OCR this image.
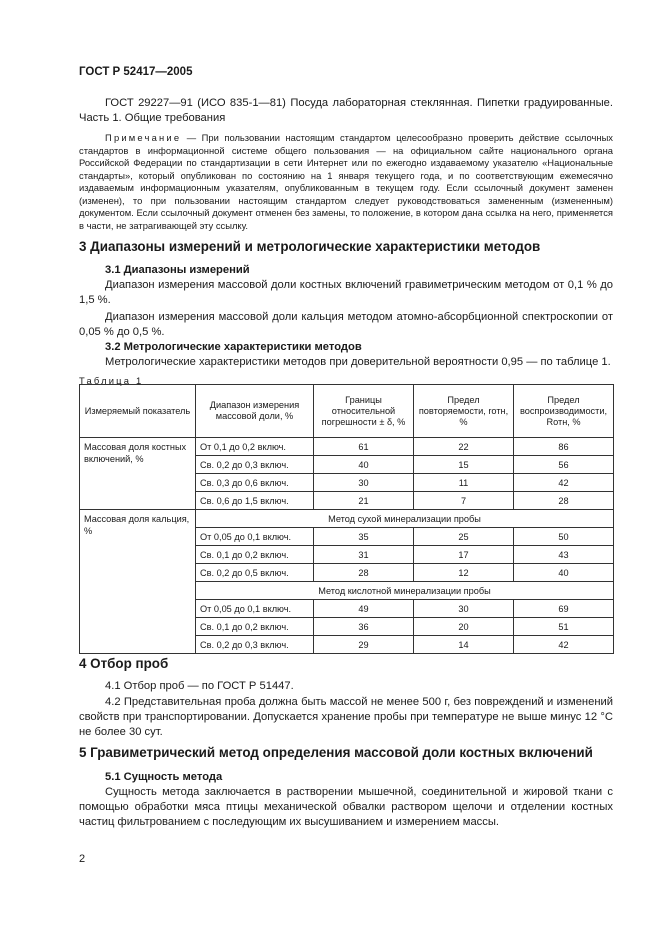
ГОСТ Р 52417—2005

ГОСТ 29227—91 (ИСО 835-1—81) Посуда лабораторная стеклянная. Пипетки градуированные. Часть 1. Общие требования

Примечание — При пользовании настоящим стандартом целесообразно проверить действие ссылочных стандартов в информационной системе общего пользования — на официальном сайте национального органа Российской Федерации по стандартизации в сети Интернет или по ежегодно издаваемому указателю «Национальные стандарты», который опубликован по состоянию на 1 января текущего года, и по соответствующим ежемесячно издаваемым информационным указателям, опубликованным в текущем году. Если ссылочный документ заменен (изменен), то при пользовании настоящим стандартом следует руководствоваться замененным (измененным) документом. Если ссылочный документ отменен без замены, то положение, в котором дана ссылка на него, применяется в части, не затрагивающей эту ссылку.

3 Диапазоны измерений и метрологические характеристики методов

3.1 Диапазоны измерений

Диапазон измерения массовой доли костных включений гравиметрическим методом от 0,1 % до 1,5 %.

Диапазон измерения массовой доли кальция методом атомно-абсорбционной спектроскопии от 0,05 % до 0,5 %.

3.2 Метрологические характеристики методов

Метрологические характеристики методов при доверительной вероятности 0,95 — по таблице 1.

Таблица 1
Измеряемый показатель	Диапазон измерения массовой доли, %	Границы относительной погрешности ± δ, %	Предел повторяемости, rотн, %	Предел воспроизводимости, Rотн, %
Массовая доля костных включений, %	От 0,1 до 0,2 включ.	61	22	86
	Св. 0,2 до 0,3 включ.	40	15	56
	Св. 0,3 до 0,6 включ.	30	11	42
	Св. 0,6 до 1,5 включ.	21	7	28
Массовая доля кальция, %	Метод сухой минерализации пробы			
	От 0,05 до 0,1 включ.	35	25	50
	Св. 0,1 до 0,2 включ.	31	17	43
	Св. 0,2 до 0,5 включ.	28	12	40
	Метод кислотной минерализации пробы			
	От 0,05 до 0,1 включ.	49	30	69
	Св. 0,1 до 0,2 включ.	36	20	51
	Св. 0,2 до 0,3 включ.	29	14	42

4 Отбор проб

4.1 Отбор проб — по ГОСТ Р 51447.

4.2 Представительная проба должна быть массой не менее 500 г, без повреждений и изменений свойств при транспортировании. Допускается хранение пробы при температуре не выше минус 12 °С не более 30 сут.

5 Гравиметрический метод определения массовой доли костных включений

5.1 Сущность метода

Сущность метода заключается в растворении мышечной, соединительной и жировой ткани с помощью обработки мяса птицы механической обвалки раствором щелочи и отделении костных частиц фильтрованием с последующим их высушиванием и измерением массы.

2
